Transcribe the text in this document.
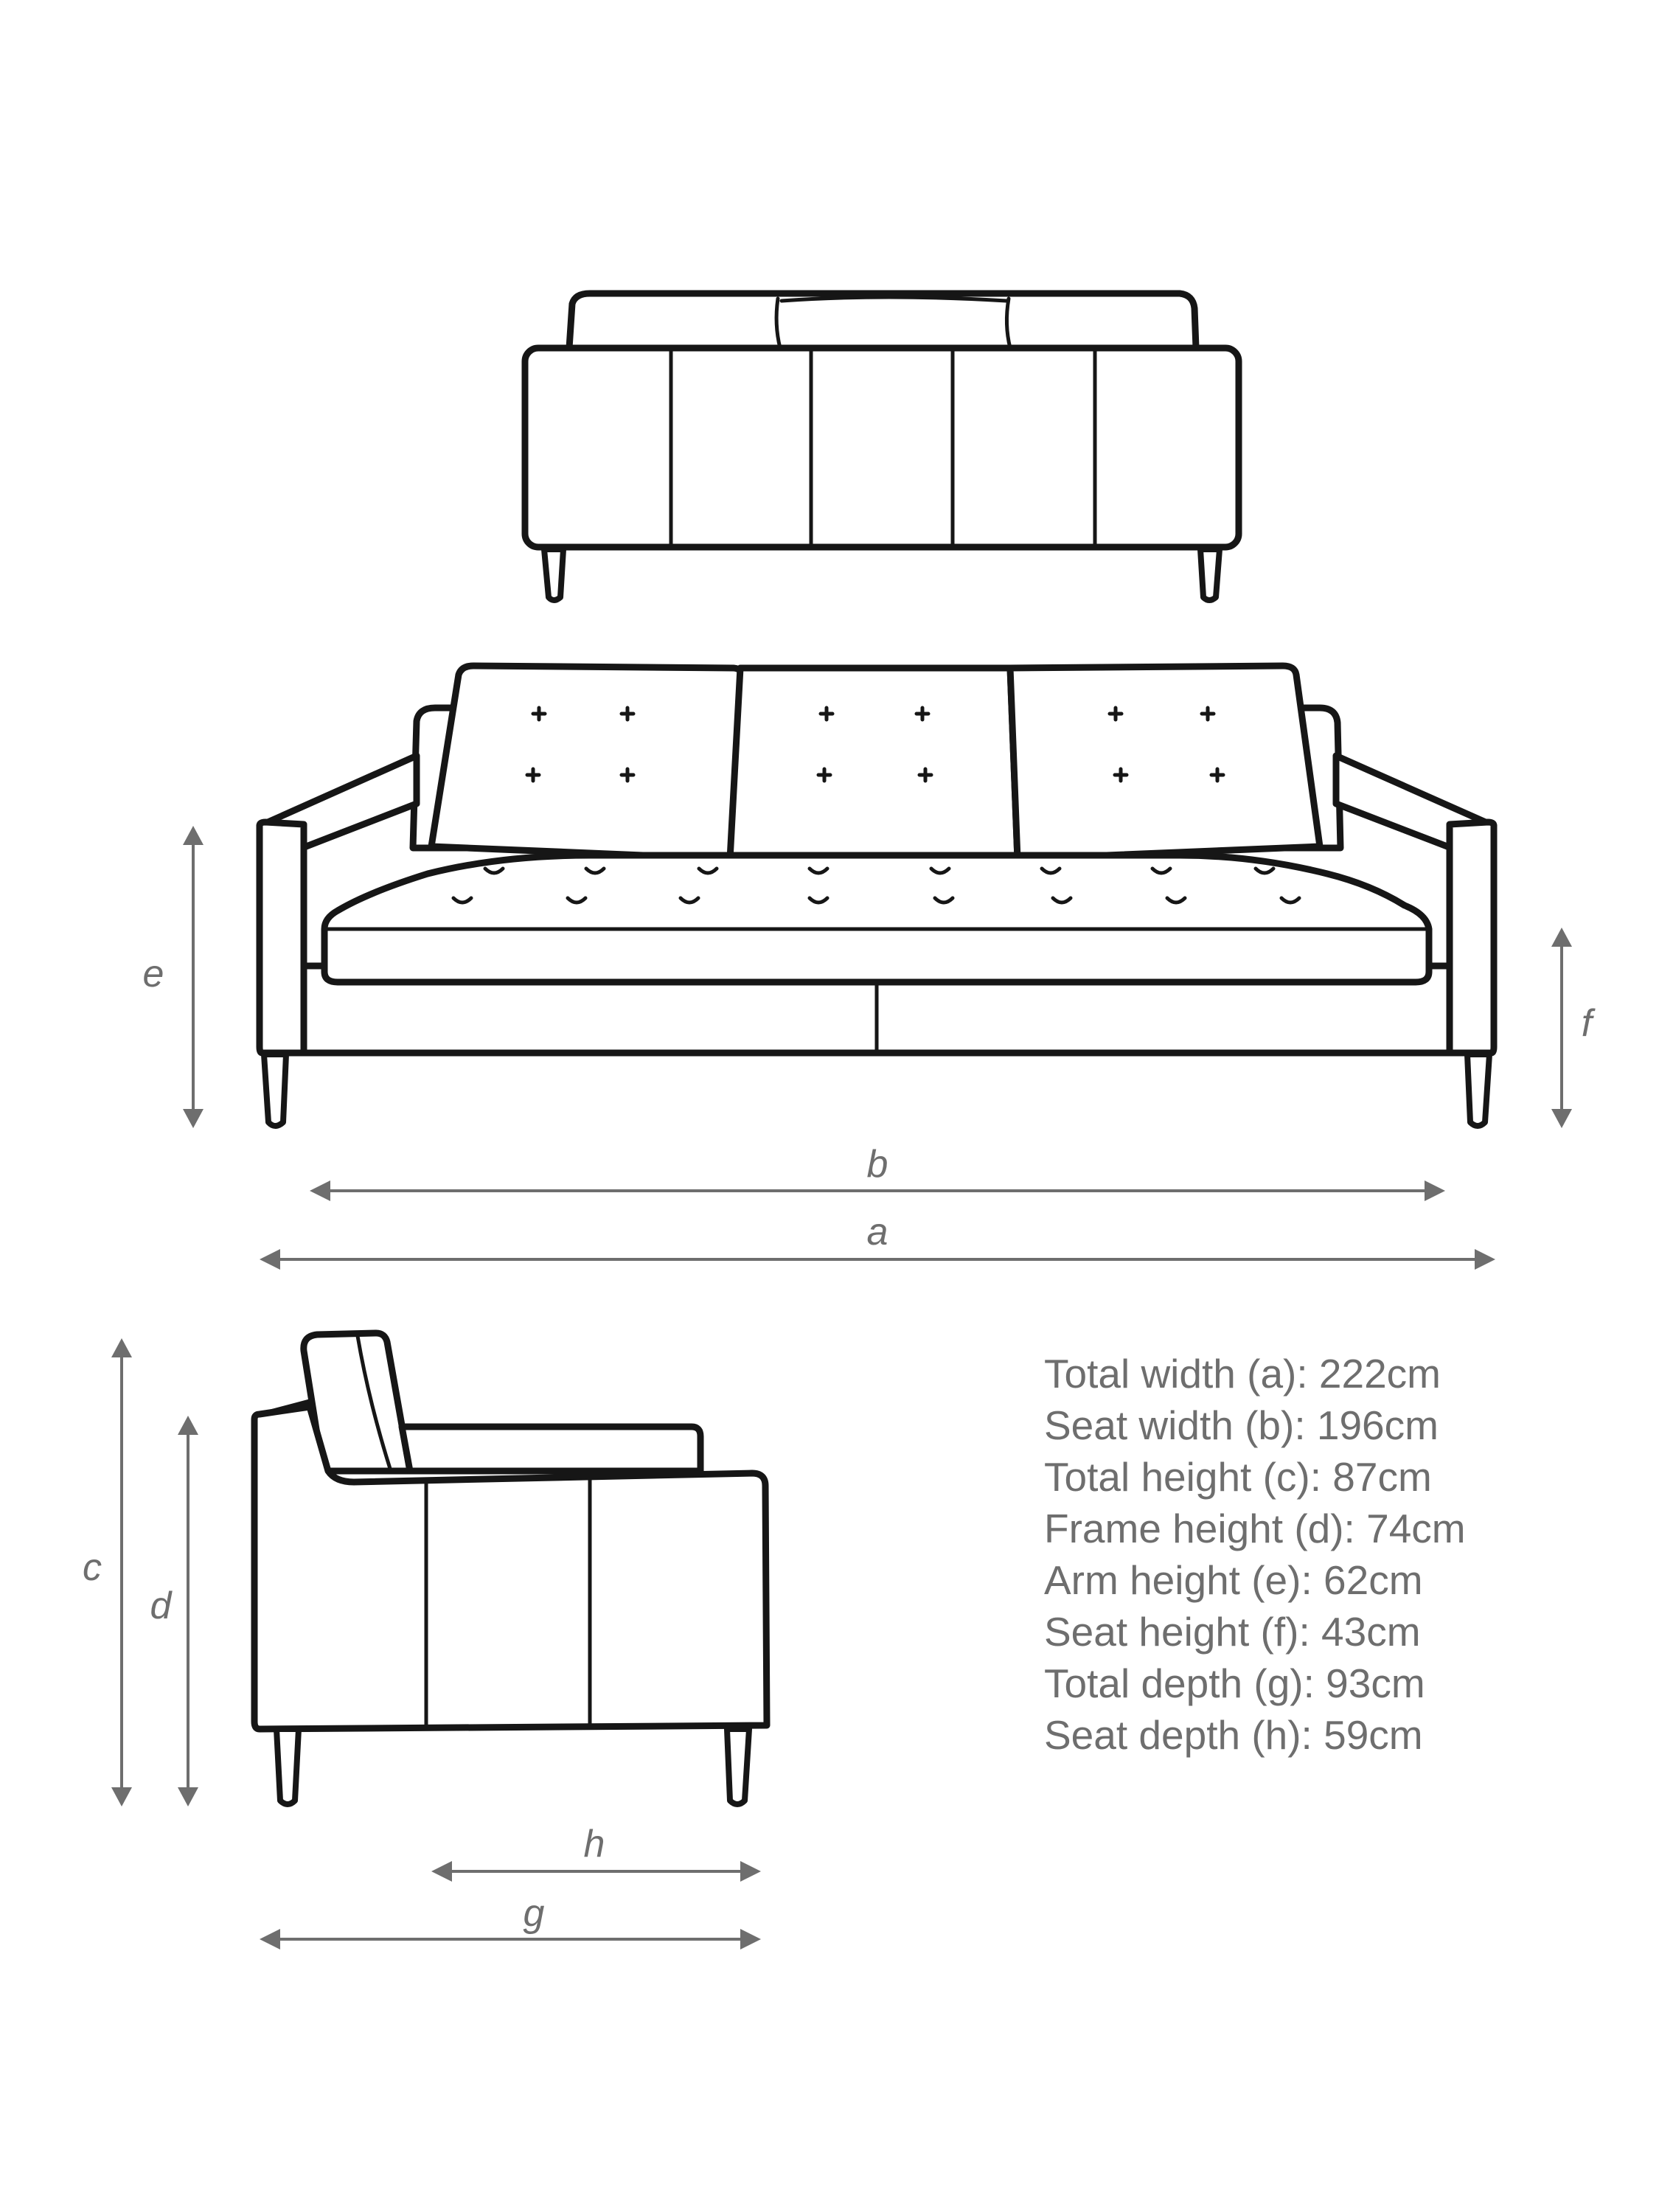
e
f
b
a
c
d
h
g
Total width (a): 222cm
Seat width (b): 196cm
Total height (c): 87cm
Frame height (d): 74cm
Arm height (e): 62cm
Seat height (f): 43cm
Total depth (g): 93cm
Seat depth (h): 59cm
